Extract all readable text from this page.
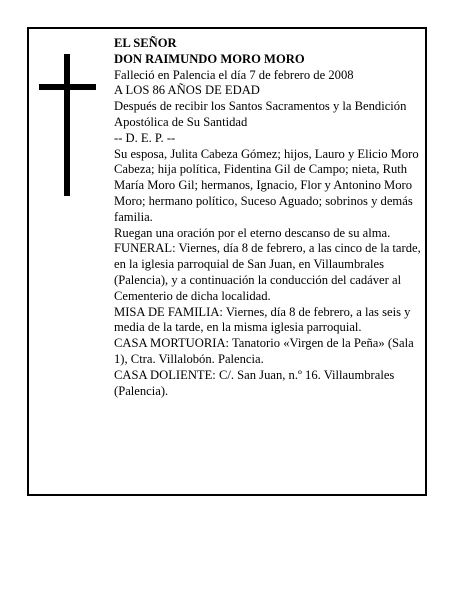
EL SEÑOR

DON RAIMUNDO MORO MORO

Falleció en Palencia el día 7 de febrero de 2008

A LOS 86 AÑOS DE EDAD

Después de recibir los Santos Sacramentos y la Bendición Apostólica de Su Santidad

-- D. E. P. --

Su esposa, Julita Cabeza Gómez; hijos, Lauro y Elicio Moro Cabeza; hija política, Fidentina Gil de Campo; nieta, Ruth María Moro Gil; hermanos, Ignacio, Flor y Antonino Moro Moro; hermano político, Suceso Aguado; sobrinos y demás familia.

Ruegan una oración por el eterno descanso de su alma.

FUNERAL: Viernes, día 8 de febrero, a las cinco de la tarde, en la iglesia parroquial de San Juan, en Villaumbrales (Palencia), y a continuación la conducción del cadáver al Cementerio de dicha localidad.

MISA DE FAMILIA: Viernes, día 8 de febrero, a las seis y media de la tarde, en la misma iglesia parroquial.

CASA MORTUORIA: Tanatorio «Virgen de la Peña» (Sala 1), Ctra. Villalobón. Palencia.

CASA DOLIENTE: C/. San Juan, n.º 16. Villaumbrales (Palencia).
